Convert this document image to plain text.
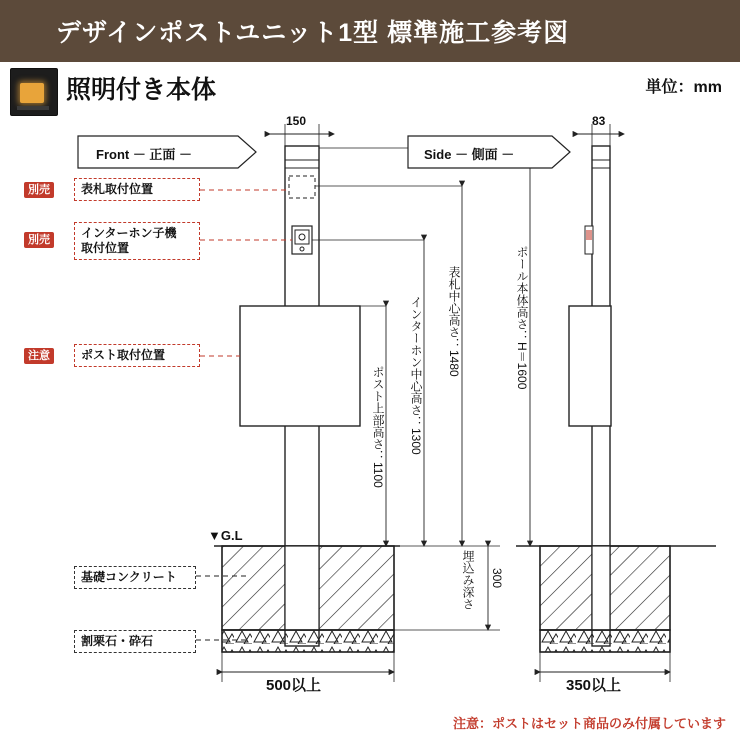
デザインポストユニット1型 標準施工参考図
照明付き本体	単位：mm
Front － 正面 －	Side － 側面 －
150	83
▼G.L
ポスト上部高さ：1100 インターホン中心高さ：1300 表札中心高さ：1480	ポール本体高さ：H＝1600
埋込み深さ 300
500以上	350以上
別売	表札取付位置
別売	インターホン子機
取付位置
注意	ポスト取付位置
基礎コンクリート
割栗石・砕石
注意：ポストはセット商品のみ付属しています
